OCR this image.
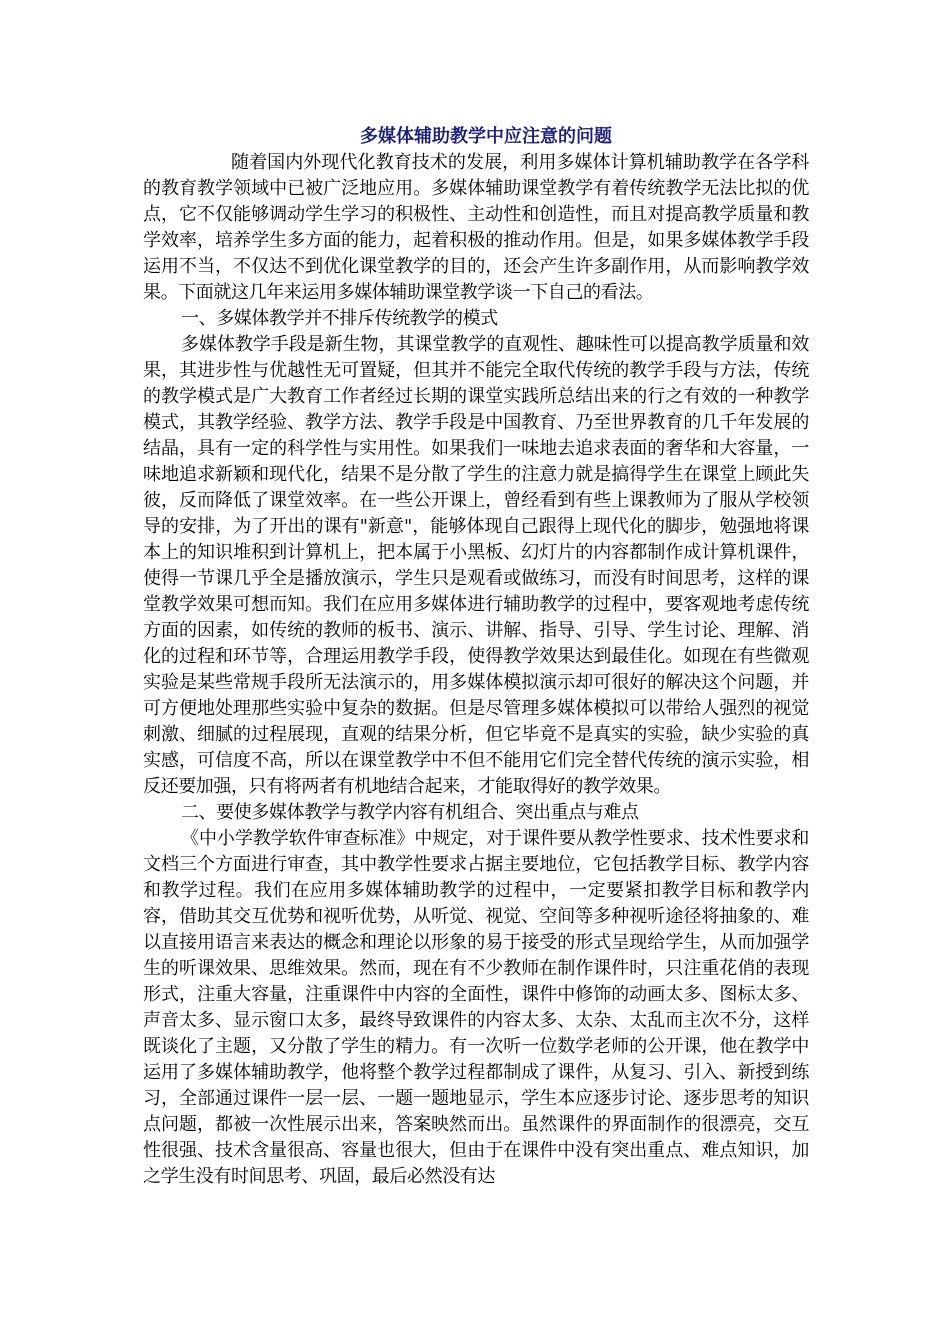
多媒体辅助教学中应注意的问题

随着国内外现代化教育技术的发展，利用多媒体计算机辅助教学在各学科的教育教学领域中已被广泛地应用。多媒体辅助课堂教学有着传统教学无法比拟的优点，它不仅能够调动学生学习的积极性、主动性和创造性，而且对提高教学质量和教学效率，培养学生多方面的能力，起着积极的推动作用。但是，如果多媒体教学手段运用不当，不仅达不到优化课堂教学的目的，还会产生许多副作用，从而影响教学效果。下面就这几年来运用多媒体辅助课堂教学谈一下自己的看法。

一、多媒体教学并不排斥传统教学的模式

多媒体教学手段是新生物，其课堂教学的直观性、趣味性可以提高教学质量和效果，其进步性与优越性无可置疑，但其并不能完全取代传统的教学手段与方法，传统的教学模式是广大教育工作者经过长期的课堂实践所总结出来的行之有效的一种教学模式，其教学经验、教学方法、教学手段是中国教育、乃至世界教育的几千年发展的结晶，具有一定的科学性与实用性。如果我们一味地去追求表面的奢华和大容量，一味地追求新颖和现代化，结果不是分散了学生的注意力就是搞得学生在课堂上顾此失彼，反而降低了课堂效率。在一些公开课上，曾经看到有些上课教师为了服从学校领导的安排，为了开出的课有"新意"，能够体现自己跟得上现代化的脚步，勉强地将课本上的知识堆积到计算机上，把本属于小黑板、幻灯片的内容都制作成计算机课件，使得一节课几乎全是播放演示，学生只是观看或做练习，而没有时间思考，这样的课堂教学效果可想而知。我们在应用多媒体进行辅助教学的过程中，要客观地考虑传统方面的因素，如传统的教师的板书、演示、讲解、指导、引导、学生讨论、理解、消化的过程和环节等，合理运用教学手段，使得教学效果达到最佳化。如现在有些微观实验是某些常规手段所无法演示的，用多媒体模拟演示却可很好的解决这个问题，并可方便地处理那些实验中复杂的数据。但是尽管理多媒体模拟可以带给人强烈的视觉刺激、细腻的过程展现，直观的结果分析，但它毕竟不是真实的实验，缺少实验的真实感，可信度不高，所以在课堂教学中不但不能用它们完全替代传统的演示实验，相反还要加强，只有将两者有机地结合起来，才能取得好的教学效果。

二、要使多媒体教学与教学内容有机组合、突出重点与难点

《中小学教学软件审查标准》中规定，对于课件要从教学性要求、技术性要求和文档三个方面进行审查，其中教学性要求占据主要地位，它包括教学目标、教学内容和教学过程。我们在应用多媒体辅助教学的过程中，一定要紧扣教学目标和教学内容，借助其交互优势和视听优势，从听觉、视觉、空间等多种视听途径将抽象的、难以直接用语言来表达的概念和理论以形象的易于接受的形式呈现给学生，从而加强学生的听课效果、思维效果。然而，现在有不少教师在制作课件时，只注重花俏的表现形式，注重大容量，注重课件中内容的全面性，课件中修饰的动画太多、图标太多、声音太多、显示窗口太多，最终导致课件的内容太多、太杂、太乱而主次不分，这样既谈化了主题，又分散了学生的精力。有一次听一位数学老师的公开课，他在教学中运用了多媒体辅助教学，他将整个教学过程都制成了课件，从复习、引入、新授到练习，全部通过课件一层一层、一题一题地显示，学生本应逐步讨论、逐步思考的知识点问题，都被一次性展示出来，答案映然而出。虽然课件的界面制作的很漂亮，交互性很强、技术含量很高、容量也很大，但由于在课件中没有突出重点、难点知识，加之学生没有时间思考、巩固，最后必然没有达
